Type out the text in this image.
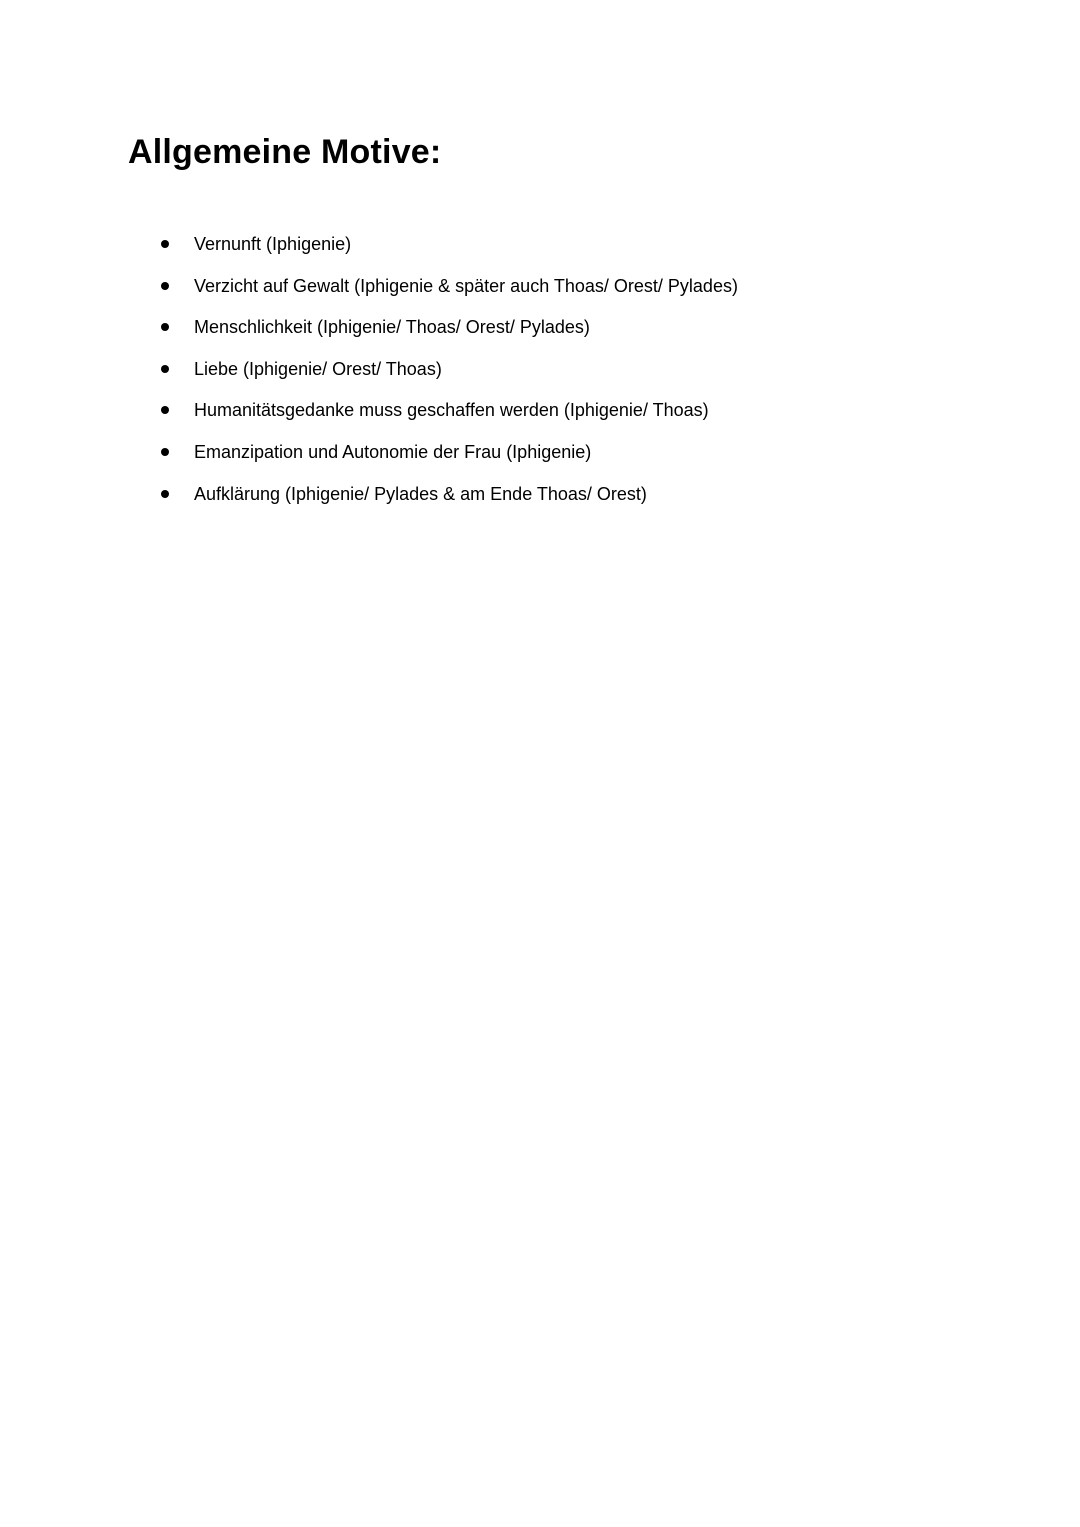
Allgemeine Motive:
Vernunft (Iphigenie)
Verzicht auf Gewalt (Iphigenie & später auch Thoas/ Orest/ Pylades)
Menschlichkeit (Iphigenie/ Thoas/ Orest/ Pylades)
Liebe (Iphigenie/ Orest/ Thoas)
Humanitätsgedanke muss geschaffen werden (Iphigenie/ Thoas)
Emanzipation und Autonomie der Frau (Iphigenie)
Aufklärung (Iphigenie/ Pylades & am Ende Thoas/ Orest)
